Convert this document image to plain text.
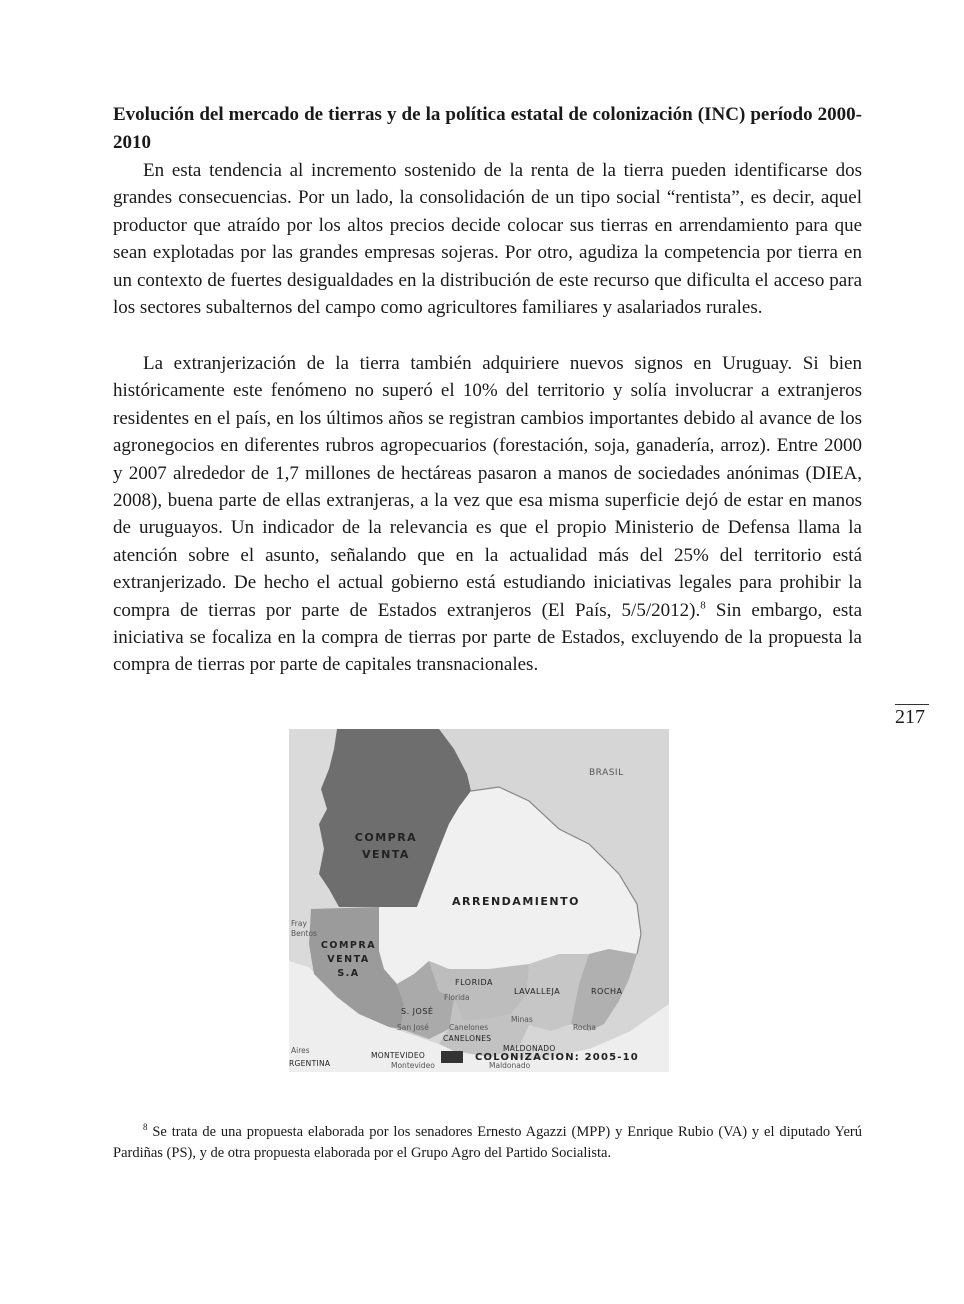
Evolución del mercado de tierras y de la política estatal de colonización (INC) período 2000-2010

En esta tendencia al incremento sostenido de la renta de la tierra pueden identificarse dos grandes consecuencias. Por un lado, la consolidación de un tipo social “rentista”, es decir, aquel productor que atraído por los altos precios decide colocar sus tierras en arrendamiento para que sean explotadas por las grandes empresas sojeras. Por otro, agudiza la competencia por tierra en un contexto de fuertes desigualdades en la distribución de este recurso que dificulta el acceso para los sectores subalternos del campo como agricultores familiares y asalariados rurales.

La extranjerización de la tierra también adquiriere nuevos signos en Uruguay. Si bien históricamente este fenómeno no superó el 10% del territorio y solía involucrar a extranjeros residentes en el país, en los últimos años se registran cambios importantes debido al avance de los agronegocios en diferentes rubros agropecuarios (forestación, soja, ganadería, arroz). Entre 2000 y 2007 alrededor de 1,7 millones de hectáreas pasaron a manos de sociedades anónimas (DIEA, 2008), buena parte de ellas extranjeras, a la vez que esa misma superficie dejó de estar en manos de uruguayos. Un indicador de la relevancia es que el propio Ministerio de Defensa llama la atención sobre el asunto, señalando que en la actualidad más del 25% del territorio está extranjerizado. De hecho el actual gobierno está estudiando iniciativas legales para prohibir la compra de tierras por parte de Estados extranjeros (El País, 5/5/2012).$^8$ Sin embargo, esta iniciativa se focaliza en la compra de tierras por parte de Estados, excluyendo de la propuesta la compra de tierras por parte de capitales transnacionales.

217
BRASIL
COMPRA
VENTA
ARRENDAMIENTO
COMPRA
VENTA
S.A
FLORIDA
LAVALLEJA	ROCHA
S. JOSÉ
CANELONES
MALDONADO
MONTEVIDEO	COLONIZACION: 2005-10
RGENTINA
Fray
Bentos
Florida
Minas
Rocha
San José	Canelones
Montevideo	Maldonado
Aires

$^8$ Se trata de una propuesta elaborada por los senadores Ernesto Agazzi (MPP) y Enrique Rubio (VA) y el diputado Yerú Pardiñas (PS), y de otra propuesta elaborada por el Grupo Agro del Partido Socialista.
